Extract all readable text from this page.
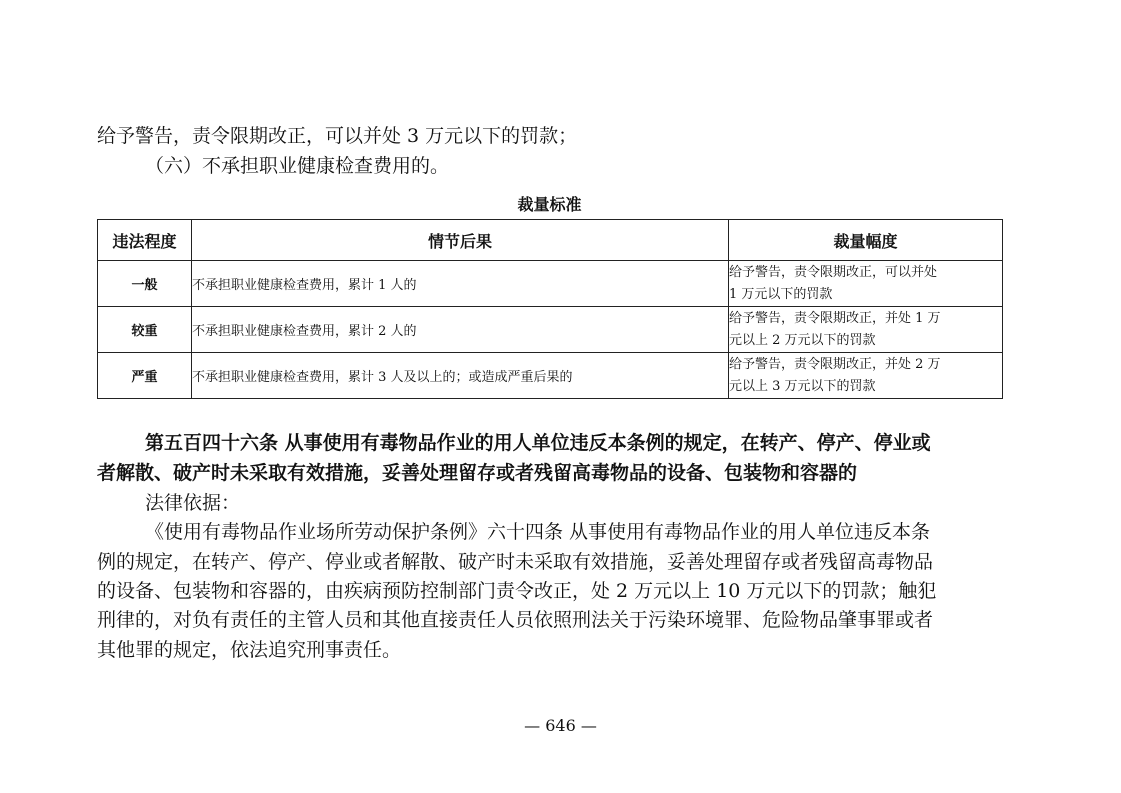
给予警告，责令限期改正，可以并处 3 万元以下的罚款；
（六）不承担职业健康检查费用的。
裁量标准
违法程度	情节后果	裁量幅度
一般	不承担职业健康检查费用，累计 1 人的	给予警告，责令限期改正，可以并处
1 万元以下的罚款

较重	不承担职业健康检查费用，累计 2 人的	给予警告，责令限期改正，并处 1 万
元以上 2 万元以下的罚款

严重	不承担职业健康检查费用，累计 3 人及以上的；或造成严重后果的	给予警告，责令限期改正，并处 2 万
元以上 3 万元以下的罚款
第五百四十六条 从事使用有毒物品作业的用人单位违反本条例的规定，在转产、停产、停业或
者解散、破产时未采取有效措施，妥善处理留存或者残留高毒物品的设备、包装物和容器的
法律依据：
《使用有毒物品作业场所劳动保护条例》六十四条 从事使用有毒物品作业的用人单位违反本条
例的规定，在转产、停产、停业或者解散、破产时未采取有效措施，妥善处理留存或者残留高毒物品
的设备、包装物和容器的，由疾病预防控制部门责令改正，处 2 万元以上 10 万元以下的罚款；触犯
刑律的，对负有责任的主管人员和其他直接责任人员依照刑法关于污染环境罪、危险物品肇事罪或者
其他罪的规定，依法追究刑事责任。
— 646 —
